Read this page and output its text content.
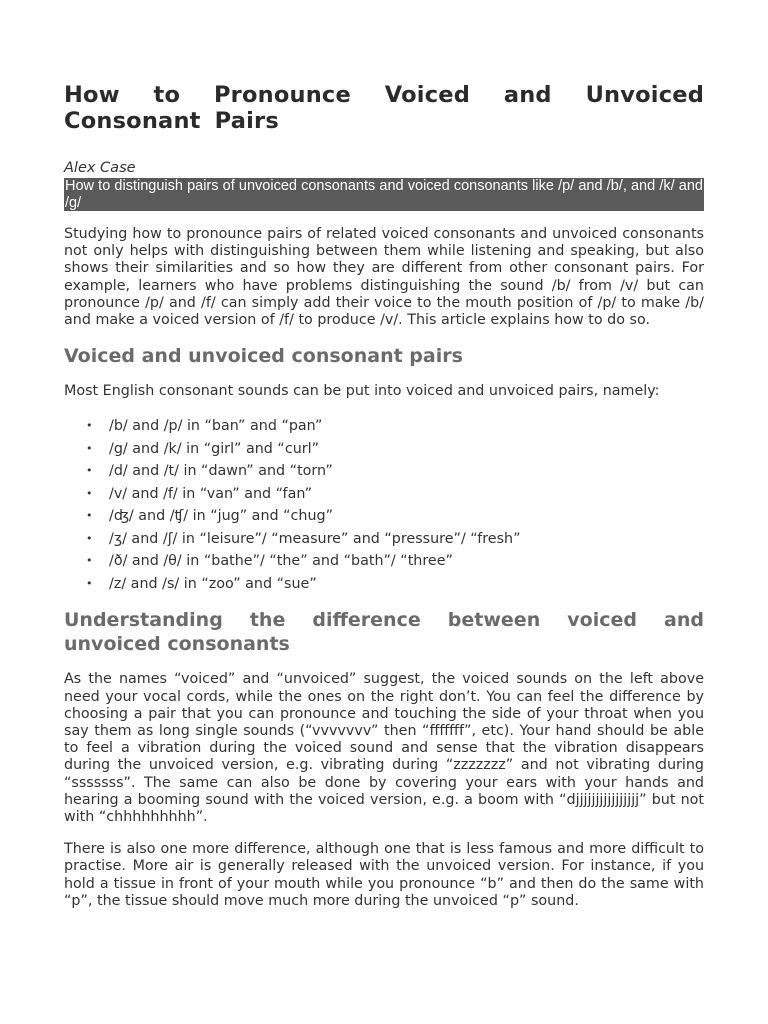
How to Pronounce Voiced and Unvoiced Consonant Pairs
Alex Case
How to distinguish pairs of unvoiced consonants and voiced consonants like /p/ and /b/, and /k/ and /g/

Studying how to pronounce pairs of related voiced consonants and unvoiced consonants not only helps with distinguishing between them while listening and speaking, but also shows their similarities and so how they are different from other consonant pairs. For example, learners who have problems distinguishing the sound /b/ from /v/ but can pronounce /p/ and /f/ can simply add their voice to the mouth position of /p/ to make /b/ and make a voiced version of /f/ to produce /v/. This article explains how to do so.

Voiced and unvoiced consonant pairs

Most English consonant sounds can be put into voiced and unvoiced pairs, namely:

• /b/ and /p/ in “ban” and “pan”
• /g/ and /k/ in “girl” and “curl”
• /d/ and /t/ in “dawn” and “torn”
• /v/ and /f/ in “van” and “fan”
• /ʤ/ and /ʧ/ in “jug” and “chug”
• /ʒ/ and /ʃ/ in “leisure”/ “measure” and “pressure”/ “fresh”
• /ð/ and /θ/ in “bathe”/ “the” and “bath”/ “three”
• /z/ and /s/ in “zoo” and “sue”
Understanding the difference between voiced and unvoiced consonants

As the names “voiced” and “unvoiced” suggest, the voiced sounds on the left above need your vocal cords, while the ones on the right don’t. You can feel the difference by choosing a pair that you can pronounce and touching the side of your throat when you say them as long single sounds (“vvvvvvv” then “fffffff”, etc). Your hand should be able to feel a vibration during the voiced sound and sense that the vibration disappears during the unvoiced version, e.g. vibrating during “zzzzzzz” and not vibrating during “sssssss”. The same can also be done by covering your ears with your hands and hearing a booming sound with the voiced version, e.g. a boom with “djjjjjjjjjjjjjjjj” but not with “chhhhhhhhh”.

There is also one more difference, although one that is less famous and more difficult to practise. More air is generally released with the unvoiced version. For instance, if you hold a tissue in front of your mouth while you pronounce “b” and then do the same with “p”, the tissue should move much more during the unvoiced “p” sound.
